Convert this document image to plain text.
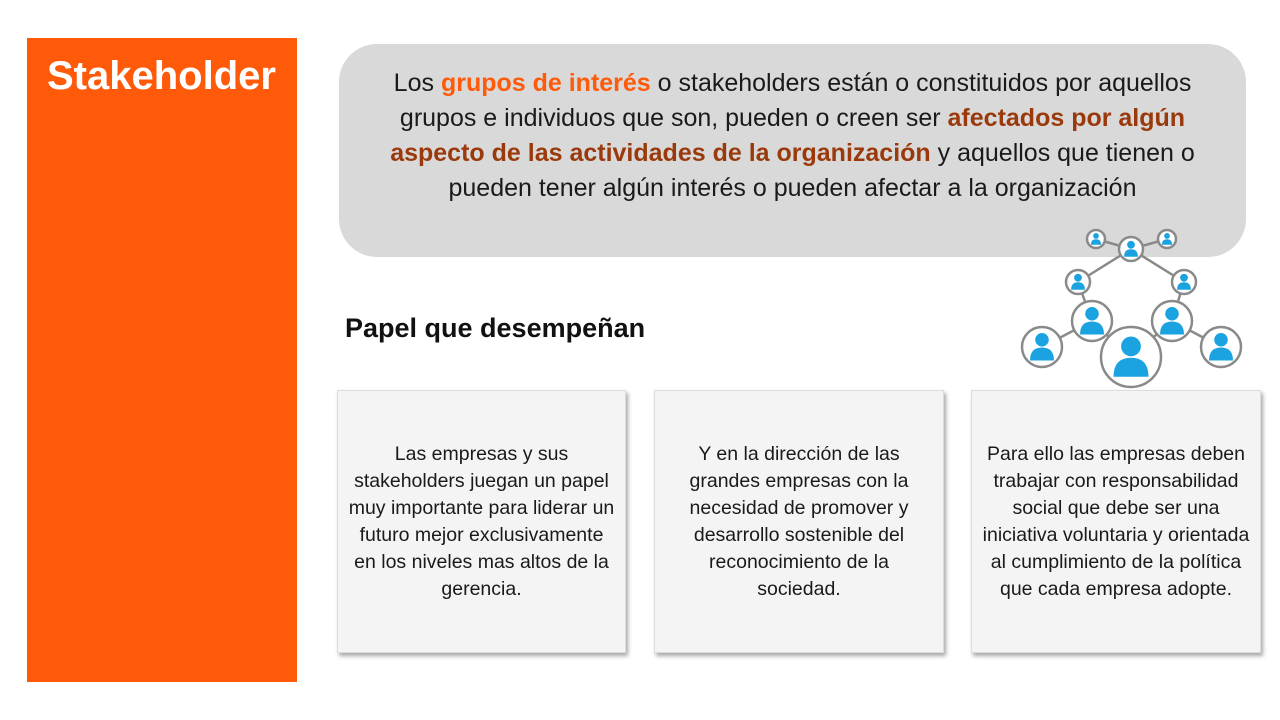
Stakeholder	Los grupos de interés o stakeholders están o constituidos por aquellos grupos e individuos que son, pueden o creen ser afectados por algún aspecto de las actividades de la organización y aquellos que tienen o pueden tener algún interés o pueden afectar a la organización
Papel que desempeñan
Las empresas y sus stakeholders juegan un papel muy importante para liderar un futuro mejor exclusivamente en los niveles mas altos de la gerencia.
Y en la dirección de las grandes empresas con la necesidad de promover y desarrollo sostenible del reconocimiento de la sociedad.
Para ello las empresas deben trabajar con responsabilidad social que debe ser una iniciativa voluntaria y orientada al cumplimiento de la política que cada empresa adopte.
